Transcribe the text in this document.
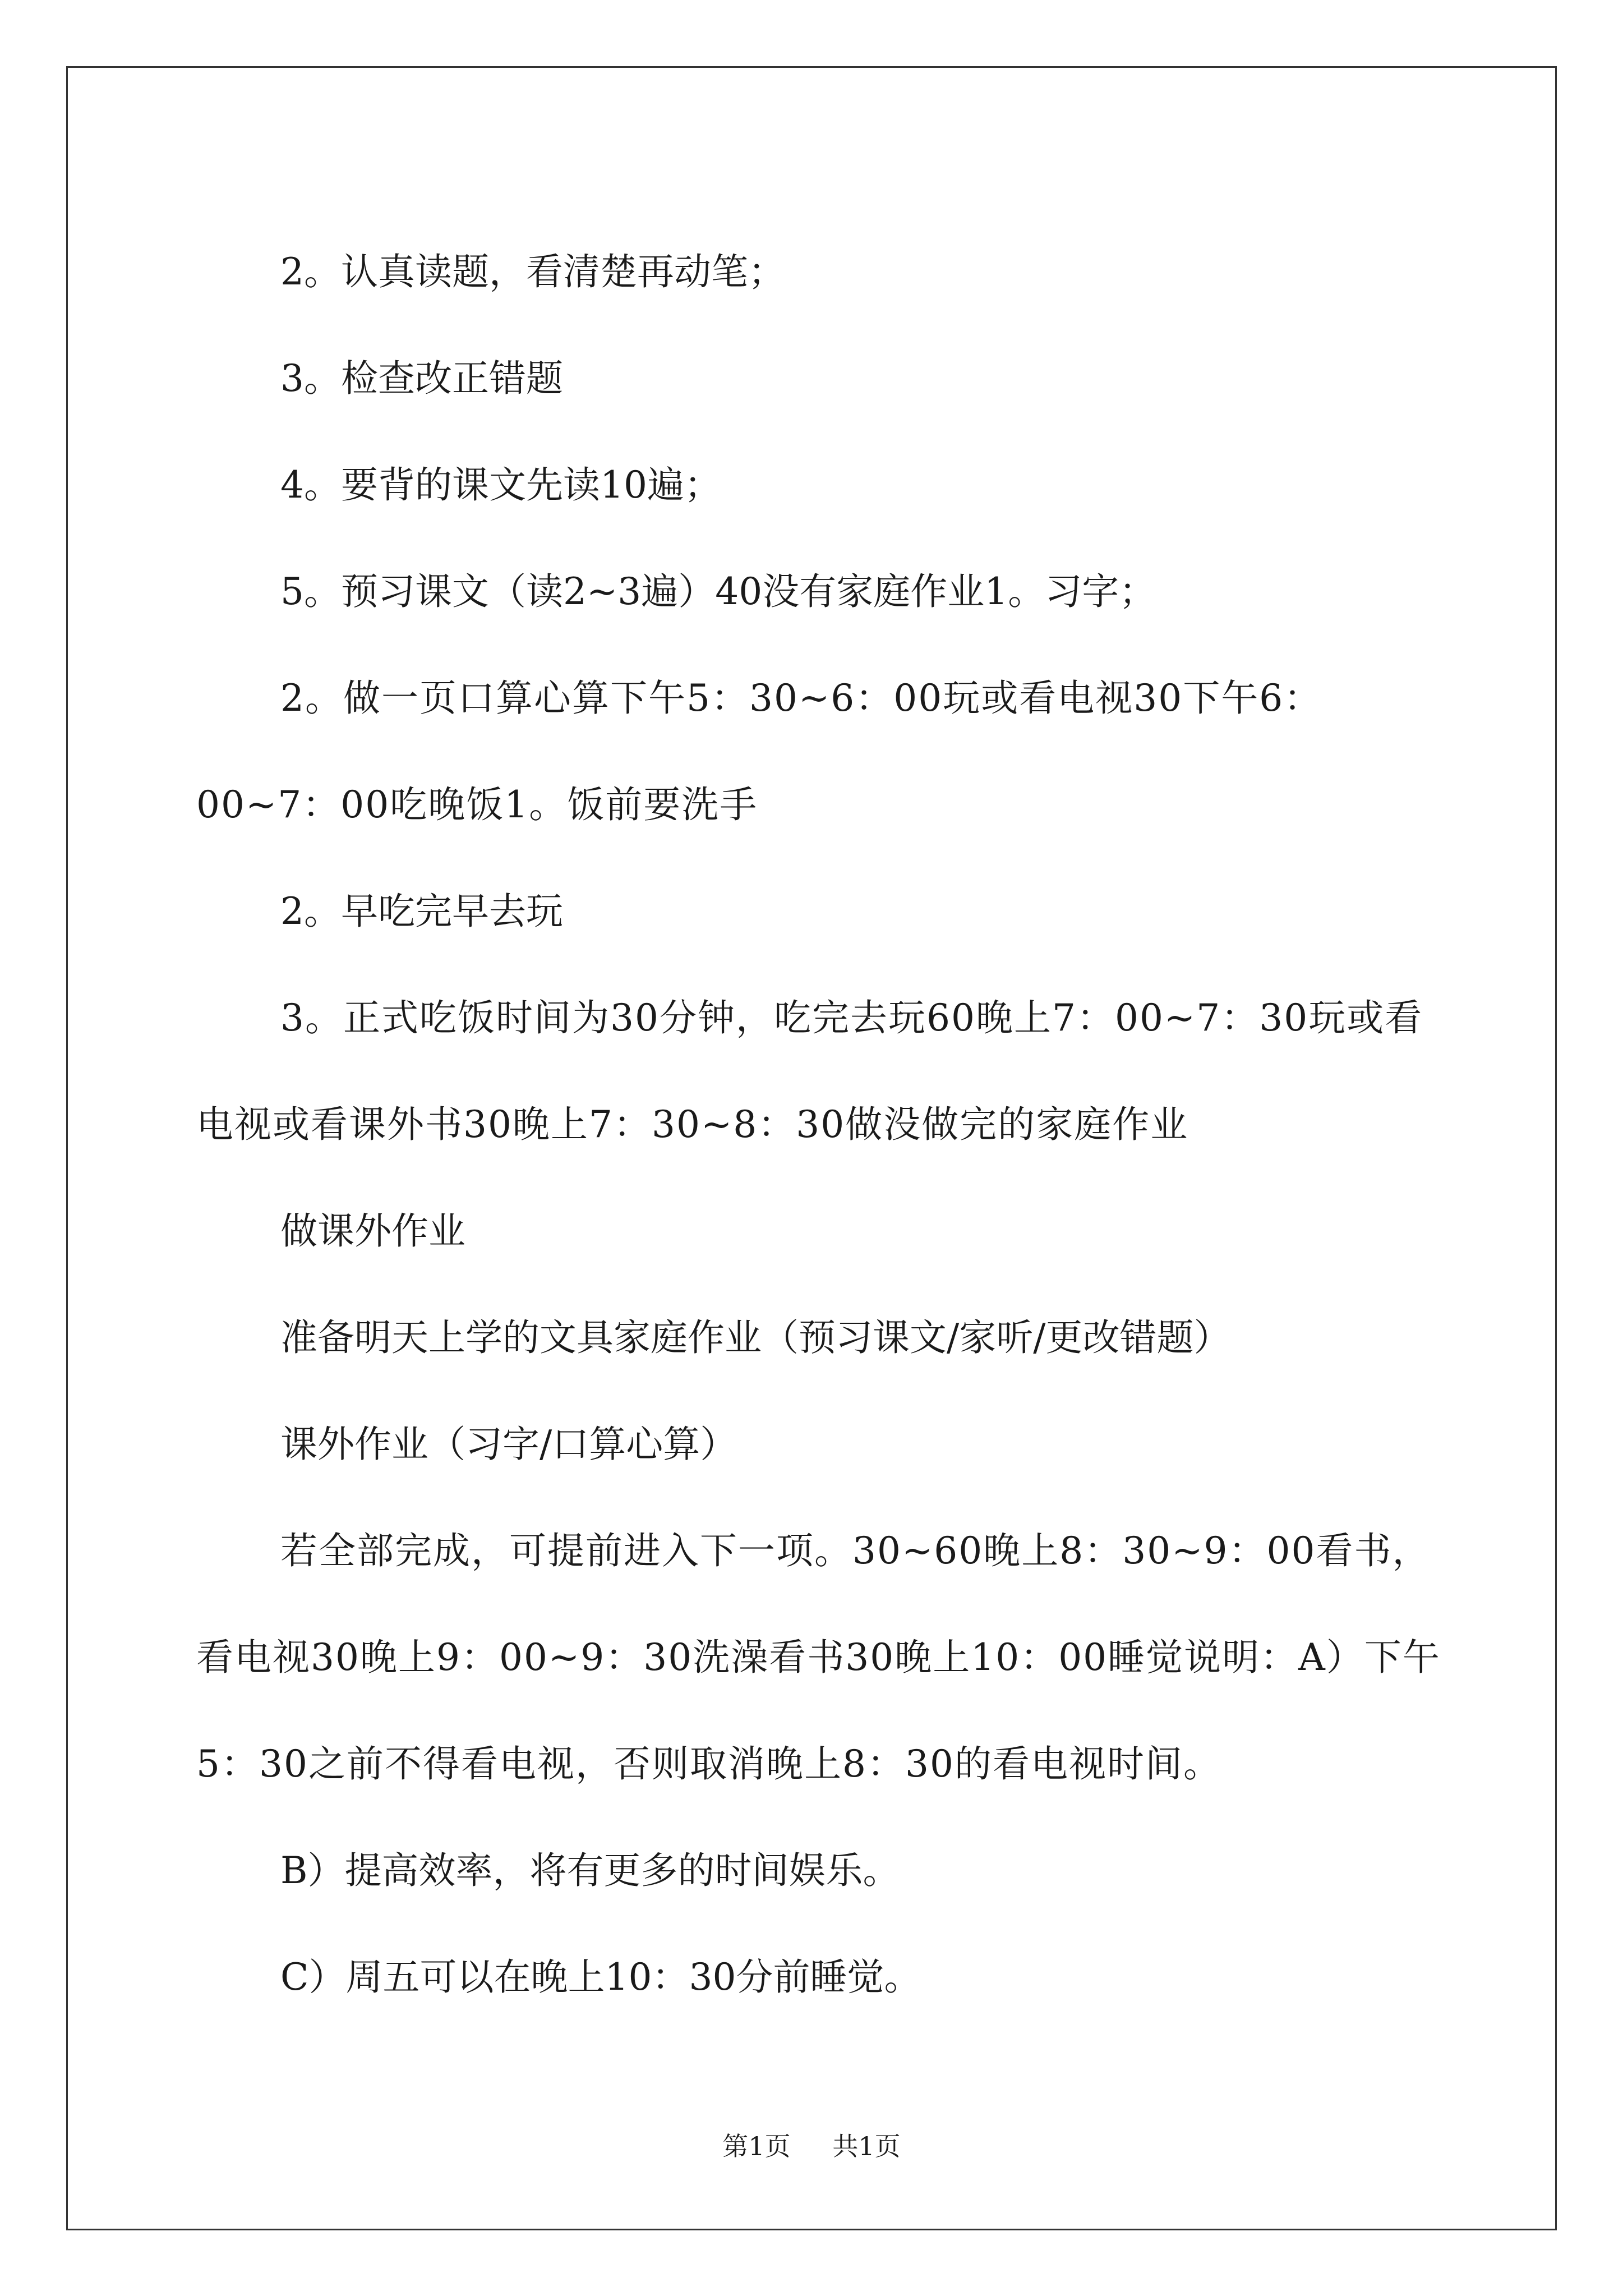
2。认真读题，看清楚再动笔；

3。检查改正错题

4。要背的课文先读10遍；

5。预习课文（读2~3遍）40没有家庭作业1。习字；

2。做一页口算心算下午5：30~6：00玩或看电视30下午6：00~7：00吃晚饭1。饭前要洗手

2。早吃完早去玩

3。正式吃饭时间为30分钟，吃完去玩60晚上7：00~7：30玩或看电视或看课外书30晚上7：30~8：30做没做完的家庭作业

做课外作业

准备明天上学的文具家庭作业（预习课文/家听/更改错题）

课外作业（习字/口算心算）

若全部完成，可提前进入下一项。30~60晚上8：30~9：00看书，看电视30晚上9：00~9：30洗澡看书30晚上10：00睡觉说明：A）下午5：30之前不得看电视，否则取消晚上8：30的看电视时间。

B）提高效率，将有更多的时间娱乐。

C）周五可以在晚上10：30分前睡觉。

第1页 共1页
